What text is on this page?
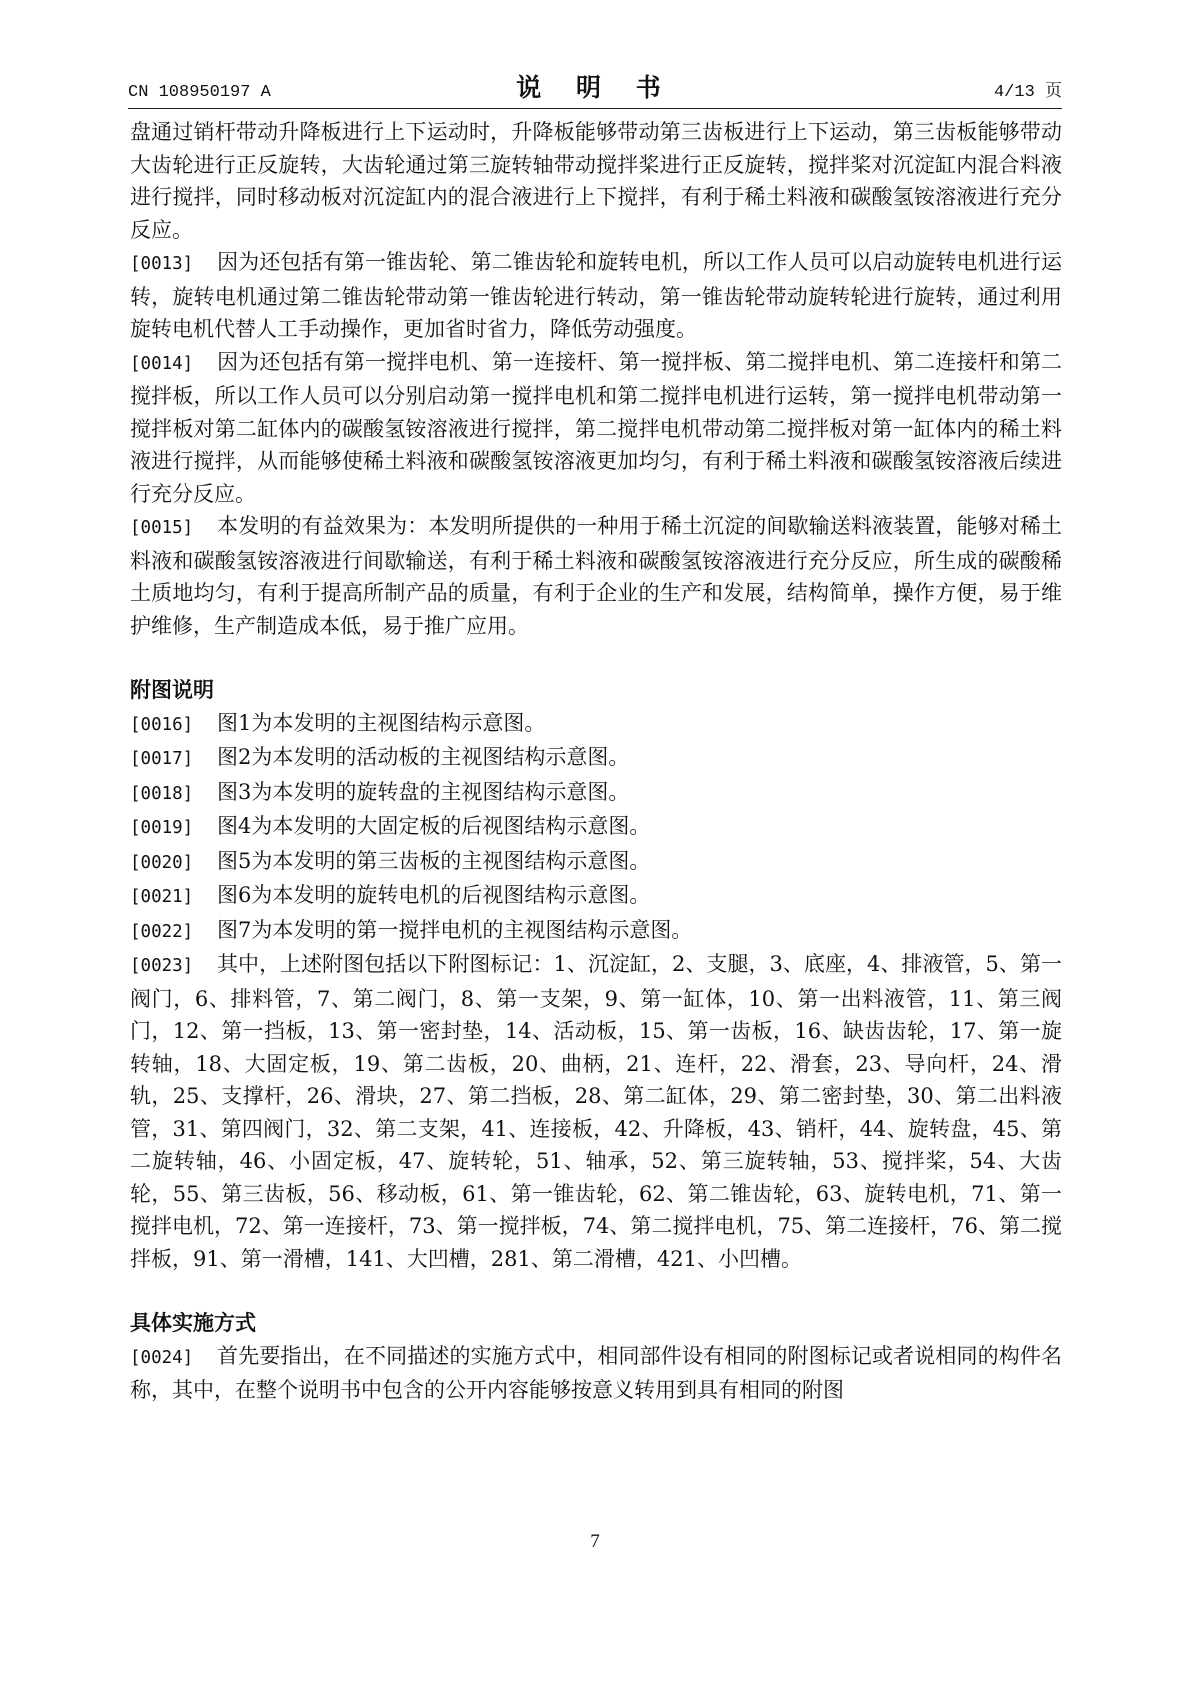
CN 108950197 A	说 明 书	4/13 页

盘通过销杆带动升降板进行上下运动时，升降板能够带动第三齿板进行上下运动，第三齿板能够带动大齿轮进行正反旋转，大齿轮通过第三旋转轴带动搅拌桨进行正反旋转，搅拌桨对沉淀缸内混合料液进行搅拌，同时移动板对沉淀缸内的混合液进行上下搅拌，有利于稀土料液和碳酸氢铵溶液进行充分反应。

[0013] 因为还包括有第一锥齿轮、第二锥齿轮和旋转电机，所以工作人员可以启动旋转电机进行运转，旋转电机通过第二锥齿轮带动第一锥齿轮进行转动，第一锥齿轮带动旋转轮进行旋转，通过利用旋转电机代替人工手动操作，更加省时省力，降低劳动强度。

[0014] 因为还包括有第一搅拌电机、第一连接杆、第一搅拌板、第二搅拌电机、第二连接杆和第二搅拌板，所以工作人员可以分别启动第一搅拌电机和第二搅拌电机进行运转，第一搅拌电机带动第一搅拌板对第二缸体内的碳酸氢铵溶液进行搅拌，第二搅拌电机带动第二搅拌板对第一缸体内的稀土料液进行搅拌，从而能够使稀土料液和碳酸氢铵溶液更加均匀，有利于稀土料液和碳酸氢铵溶液后续进行充分反应。

[0015] 本发明的有益效果为：本发明所提供的一种用于稀土沉淀的间歇输送料液装置，能够对稀土料液和碳酸氢铵溶液进行间歇输送，有利于稀土料液和碳酸氢铵溶液进行充分反应，所生成的碳酸稀土质地均匀，有利于提高所制产品的质量，有利于企业的生产和发展，结构简单，操作方便，易于维护维修，生产制造成本低，易于推广应用。

附图说明

[0016] 图1为本发明的主视图结构示意图。

[0017] 图2为本发明的活动板的主视图结构示意图。

[0018] 图3为本发明的旋转盘的主视图结构示意图。

[0019] 图4为本发明的大固定板的后视图结构示意图。

[0020] 图5为本发明的第三齿板的主视图结构示意图。

[0021] 图6为本发明的旋转电机的后视图结构示意图。

[0022] 图7为本发明的第一搅拌电机的主视图结构示意图。

[0023] 其中，上述附图包括以下附图标记：1、沉淀缸，2、支腿，3、底座，4、排液管，5、第一阀门，6、排料管，7、第二阀门，8、第一支架，9、第一缸体，10、第一出料液管，11、第三阀门，12、第一挡板，13、第一密封垫，14、活动板，15、第一齿板，16、缺齿齿轮，17、第一旋转轴，18、大固定板，19、第二齿板，20、曲柄，21、连杆，22、滑套，23、导向杆，24、滑轨，25、支撑杆，26、滑块，27、第二挡板，28、第二缸体，29、第二密封垫，30、第二出料液管，31、第四阀门，32、第二支架，41、连接板，42、升降板，43、销杆，44、旋转盘，45、第二旋转轴，46、小固定板，47、旋转轮，51、轴承，52、第三旋转轴，53、搅拌桨，54、大齿轮，55、第三齿板，56、移动板，61、第一锥齿轮，62、第二锥齿轮，63、旋转电机，71、第一搅拌电机，72、第一连接杆，73、第一搅拌板，74、第二搅拌电机，75、第二连接杆，76、第二搅拌板，91、第一滑槽，141、大凹槽，281、第二滑槽，421、小凹槽。

具体实施方式

[0024] 首先要指出，在不同描述的实施方式中，相同部件设有相同的附图标记或者说相同的构件名称，其中，在整个说明书中包含的公开内容能够按意义转用到具有相同的附图

7
